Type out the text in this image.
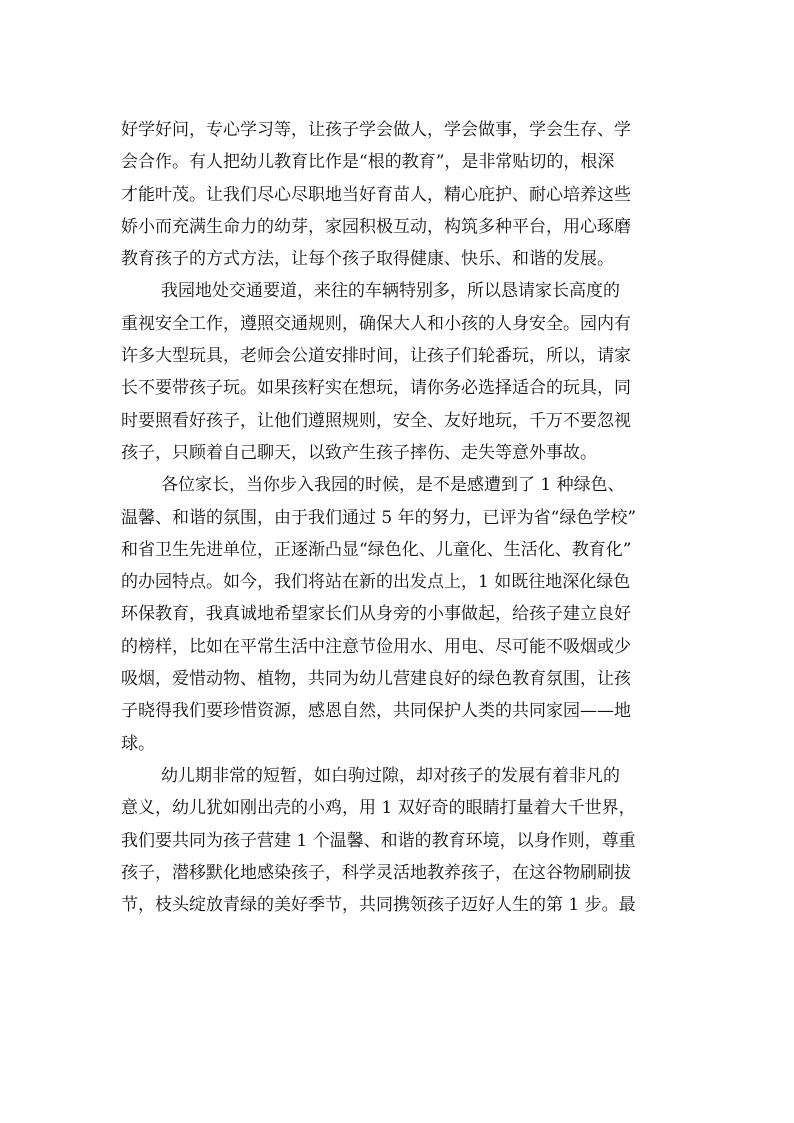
好学好问，专心学习等，让孩子学会做人，学会做事，学会生存、学
会合作。有人把幼儿教育比作是“根的教育”，是非常贴切的，根深
才能叶茂。让我们尽心尽职地当好育苗人，精心庇护、耐心培养这些
娇小而充满生命力的幼芽，家园积极互动，构筑多种平台，用心琢磨
教育孩子的方式方法，让每个孩子取得健康、快乐、和谐的发展。
我园地处交通要道，来往的车辆特别多，所以恳请家长高度的
重视安全工作，遵照交通规则，确保大人和小孩的人身安全。园内有
许多大型玩具，老师会公道安排时间，让孩子们轮番玩，所以，请家
长不要带孩子玩。如果孩籽实在想玩，请你务必选择适合的玩具，同
时要照看好孩子，让他们遵照规则，安全、友好地玩，千万不要忽视
孩子，只顾着自己聊天，以致产生孩子摔伤、走失等意外事故。
各位家长，当你步入我园的时候，是不是感遭到了 1 种绿色、
温馨、和谐的氛围，由于我们通过 5 年的努力，已评为省“绿色学校”
和省卫生先进单位，正逐渐凸显“绿色化、儿童化、生活化、教育化”
的办园特点。如今，我们将站在新的出发点上，1 如既往地深化绿色
环保教育，我真诚地希望家长们从身旁的小事做起，给孩子建立良好
的榜样，比如在平常生活中注意节俭用水、用电、尽可能不吸烟或少
吸烟，爱惜动物、植物，共同为幼儿营建良好的绿色教育氛围，让孩
子晓得我们要珍惜资源，感恩自然，共同保护人类的共同家园——地
球。
幼儿期非常的短暂，如白驹过隙，却对孩子的发展有着非凡的
意义，幼儿犹如刚出壳的小鸡，用 1 双好奇的眼睛打量着大千世界，
我们要共同为孩子营建 1 个温馨、和谐的教育环境，以身作则，尊重
孩子，潜移默化地感染孩子，科学灵活地教养孩子，在这谷物刷刷拔
节，枝头绽放青绿的美好季节，共同携领孩子迈好人生的第 1 步。最
